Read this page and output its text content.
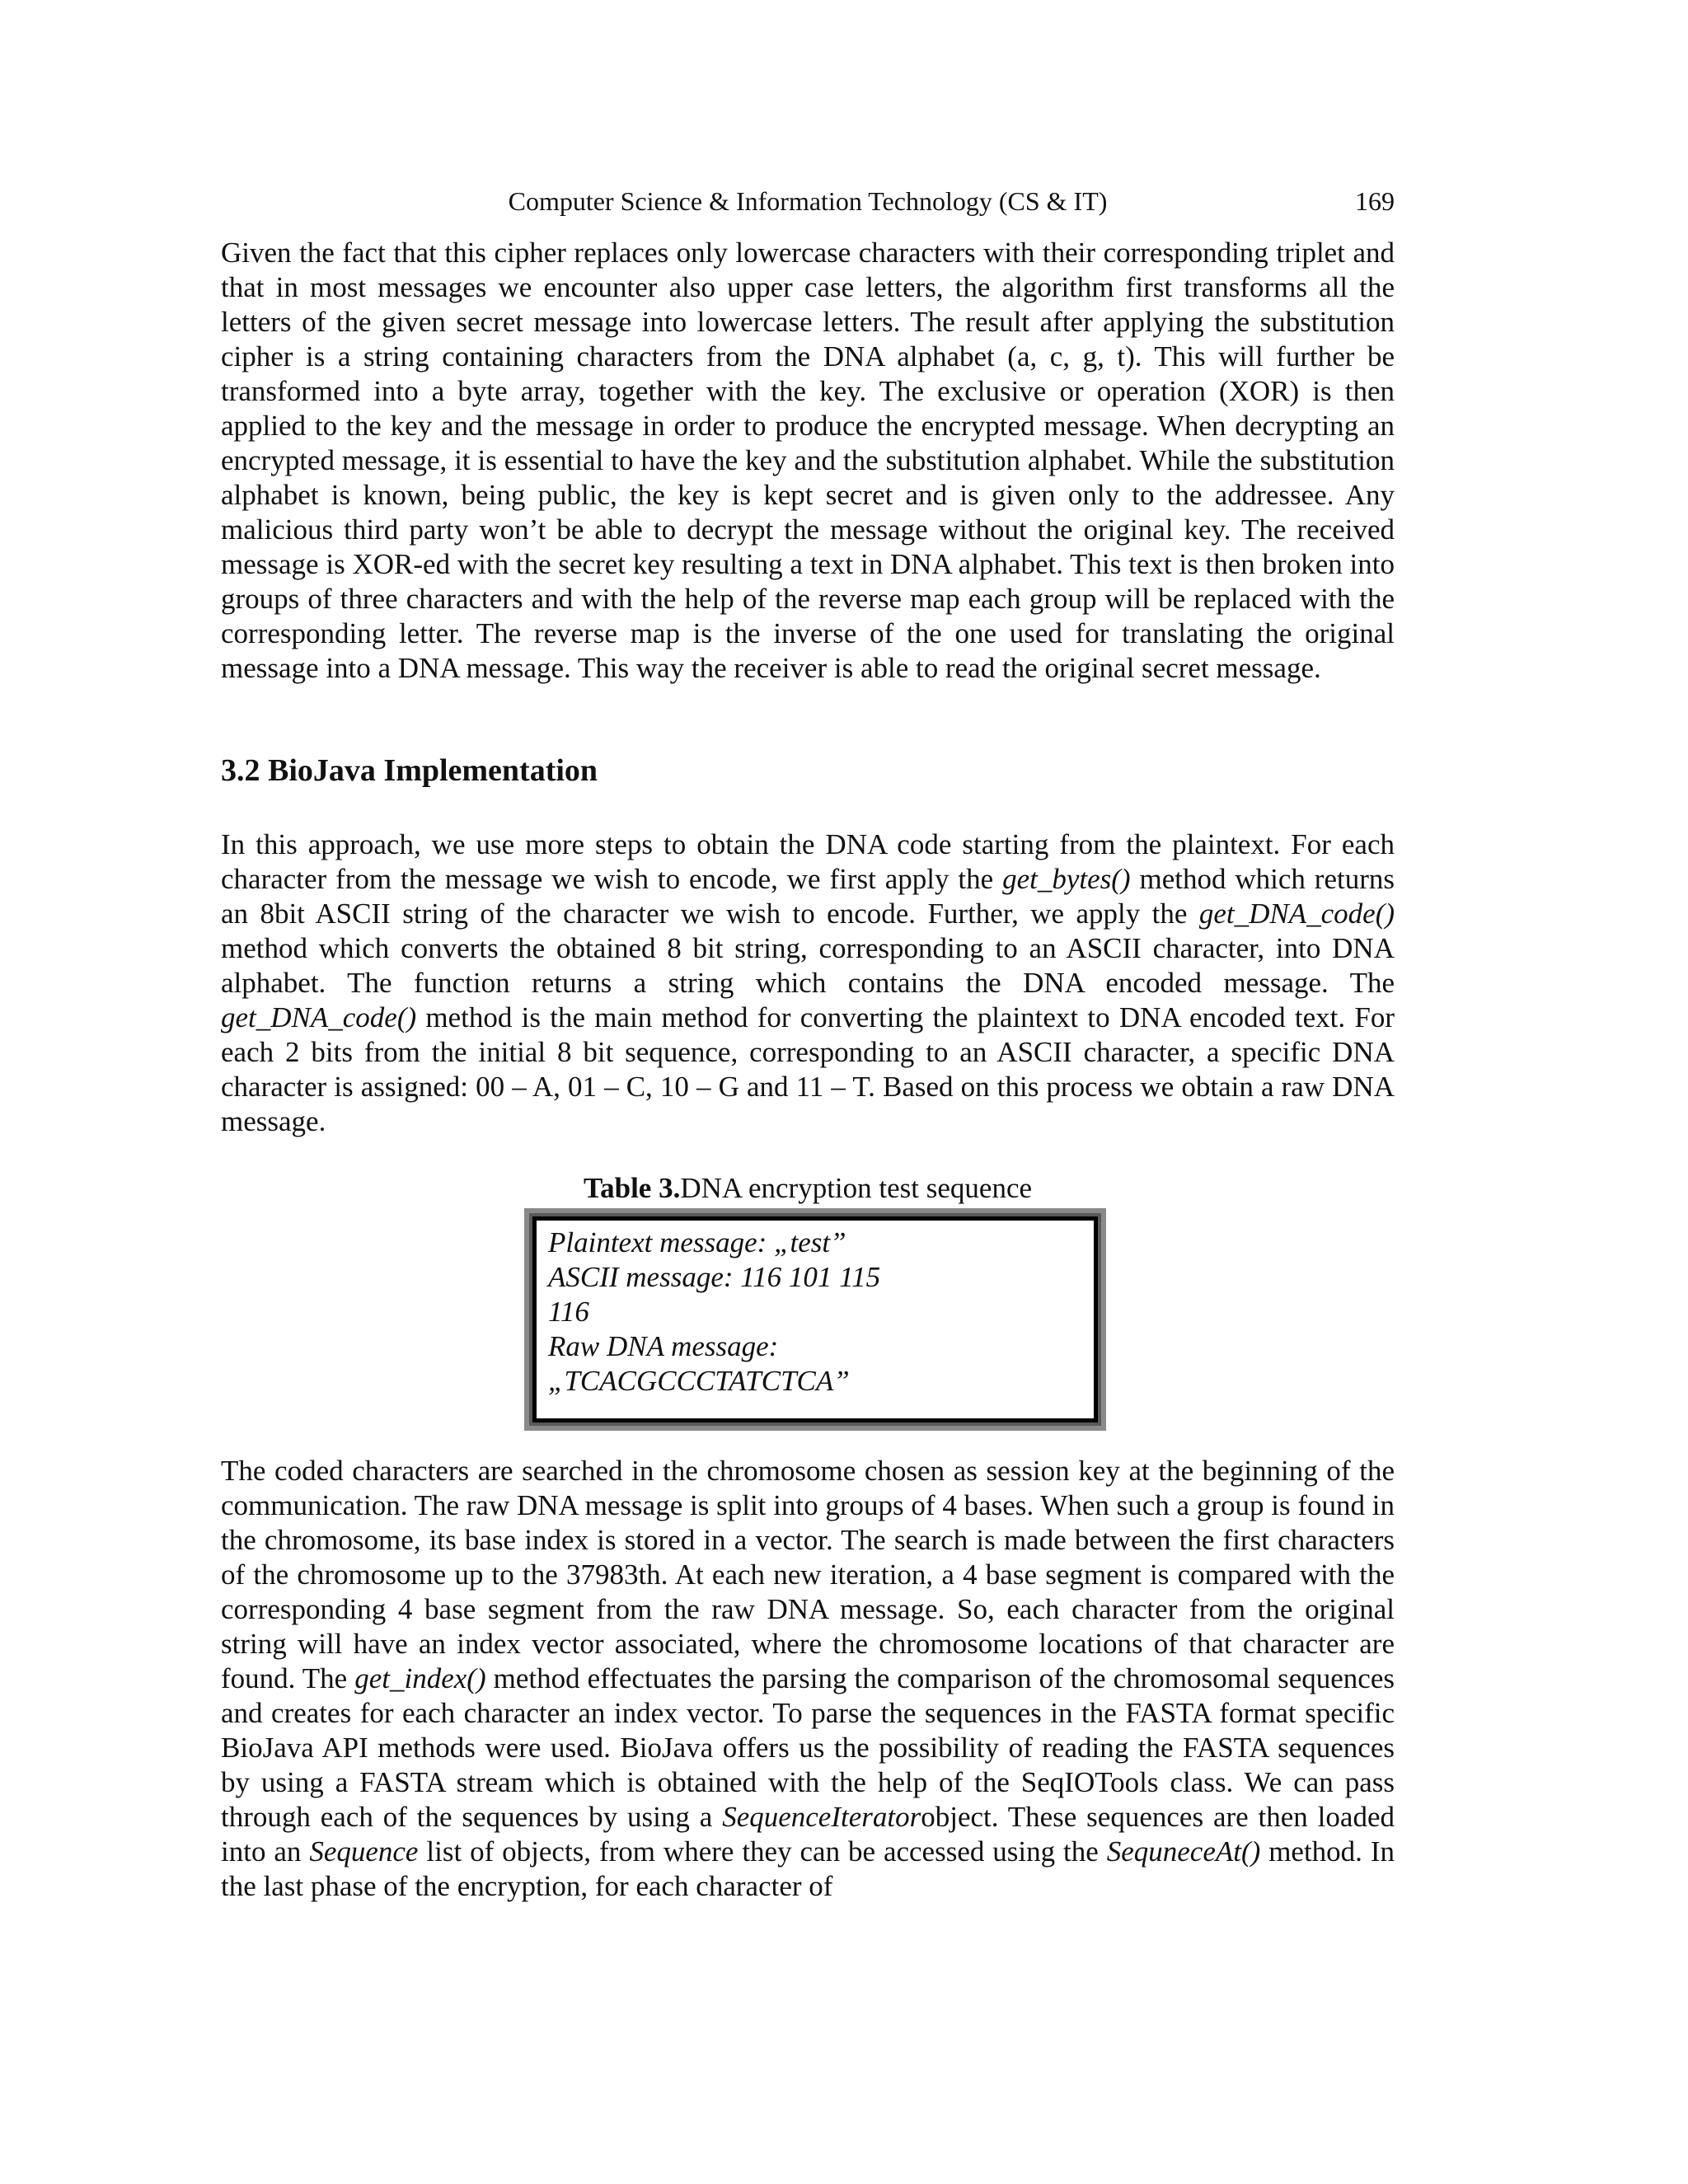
Computer Science & Information Technology (CS & IT)	169

Given the fact that this cipher replaces only lowercase characters with their corresponding triplet and that in most messages we encounter also upper case letters, the algorithm first transforms all the letters of the given secret message into lowercase letters. The result after applying the substitution cipher is a string containing characters from the DNA alphabet (a, c, g, t). This will further be transformed into a byte array, together with the key. The exclusive or operation (XOR) is then applied to the key and the message in order to produce the encrypted message. When decrypting an encrypted message, it is essential to have the key and the substitution alphabet. While the substitution alphabet is known, being public, the key is kept secret and is given only to the addressee. Any malicious third party won’t be able to decrypt the message without the original key. The received message is XOR-ed with the secret key resulting a text in DNA alphabet. This text is then broken into groups of three characters and with the help of the reverse map each group will be replaced with the corresponding letter. The reverse map is the inverse of the one used for translating the original message into a DNA message. This way the receiver is able to read the original secret message.

3.2 BioJava Implementation

In this approach, we use more steps to obtain the DNA code starting from the plaintext. For each character from the message we wish to encode, we first apply the get_bytes() method which returns an 8bit ASCII string of the character we wish to encode. Further, we apply the get_DNA_code() method which converts the obtained 8 bit string, corresponding to an ASCII character, into DNA alphabet. The function returns a string which contains the DNA encoded message. The get_DNA_code() method is the main method for converting the plaintext to DNA encoded text. For each 2 bits from the initial 8 bit sequence, corresponding to an ASCII character, a specific DNA character is assigned: 00 – A, 01 – C, 10 – G and 11 – T. Based on this process we obtain a raw DNA message.

Table 3.DNA encryption test sequence
Plaintext message: „test”
ASCII message: 116 101 115
116
Raw DNA message:
„TCACGCCCTATCTCA”

The coded characters are searched in the chromosome chosen as session key at the beginning of the communication. The raw DNA message is split into groups of 4 bases. When such a group is found in the chromosome, its base index is stored in a vector. The search is made between the first characters of the chromosome up to the 37983th. At each new iteration, a 4 base segment is compared with the corresponding 4 base segment from the raw DNA message. So, each character from the original string will have an index vector associated, where the chromosome locations of that character are found. The get_index() method effectuates the parsing the comparison of the chromosomal sequences and creates for each character an index vector. To parse the sequences in the FASTA format specific BioJava API methods were used. BioJava offers us the possibility of reading the FASTA sequences by using a FASTA stream which is obtained with the help of the SeqIOTools class. We can pass through each of the sequences by using a SequenceIteratorobject. These sequences are then loaded into an Sequence list of objects, from where they can be accessed using the SequneceAt() method. In the last phase of the encryption, for each character of
